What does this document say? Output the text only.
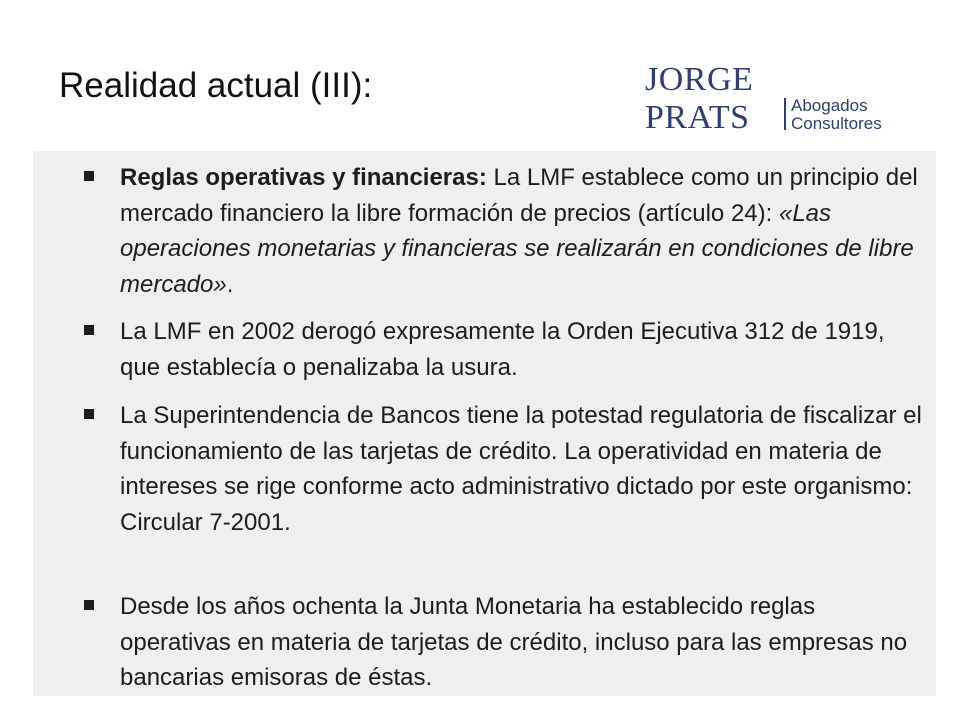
Realidad actual (III):	JORGE
PRATS Abogados
Consultores
Reglas operativas y financieras: La LMF establece como un principio del mercado financiero la libre formación de precios (artículo 24): «Las operaciones monetarias y financieras se realizarán en condiciones de libre mercado».
La LMF en 2002 derogó expresamente la Orden Ejecutiva 312 de 1919, que establecía o penalizaba la usura.
La Superintendencia de Bancos tiene la potestad regulatoria de fiscalizar el funcionamiento de las tarjetas de crédito. La operatividad en materia de intereses se rige conforme acto administrativo dictado por este organismo: Circular 7-2001.
Desde los años ochenta la Junta Monetaria ha establecido reglas operativas en materia de tarjetas de crédito, incluso para las empresas no bancarias emisoras de éstas.
